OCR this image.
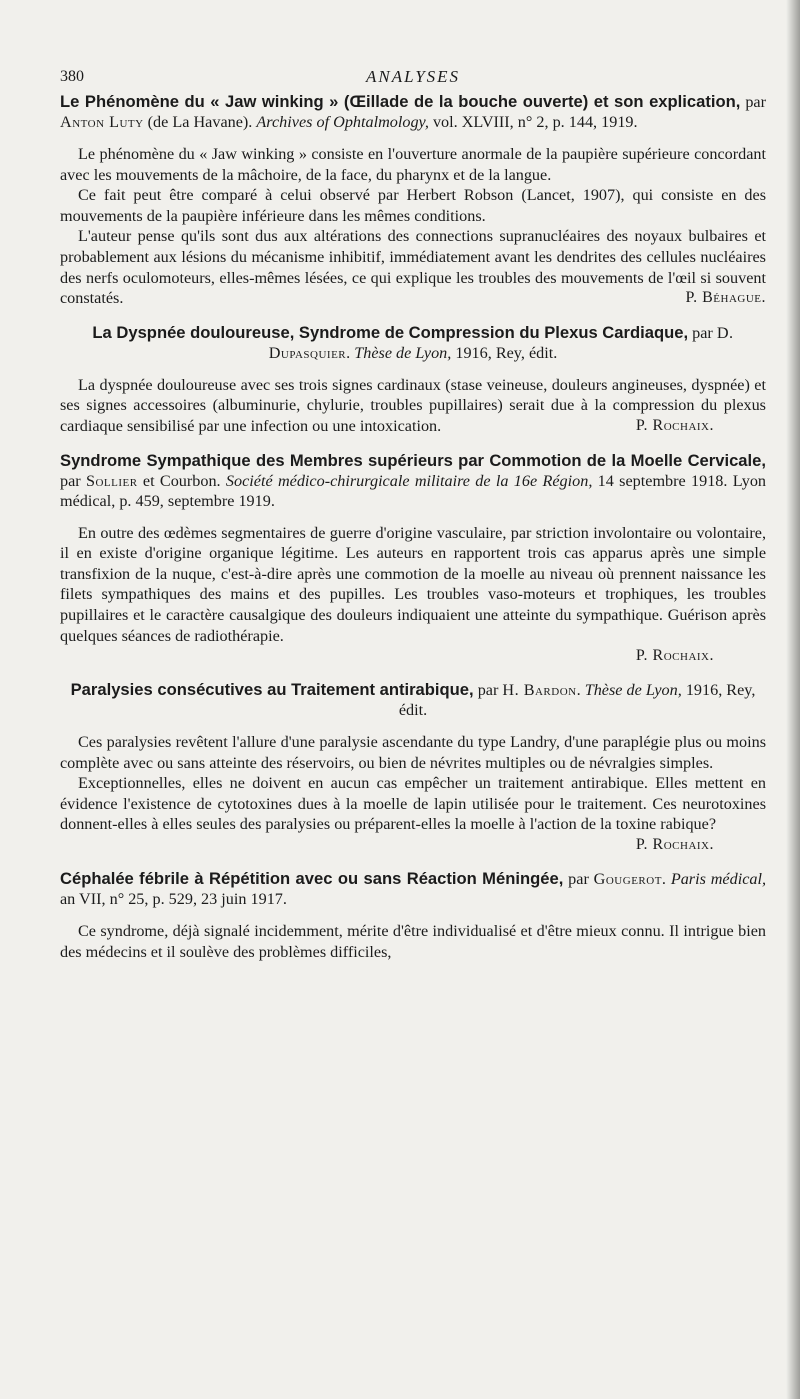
380	ANALYSES
Le Phénomène du « Jaw winking » (Œillade de la bouche ouverte) et son explication, par Anton Luty (de La Havane). Archives of Ophtalmology, vol. XLVIII, n° 2, p. 144, 1919.

Le phénomène du « Jaw winking » consiste en l'ouverture anormale de la paupière supérieure concordant avec les mouvements de la mâchoire, de la face, du pharynx et de la langue.

Ce fait peut être comparé à celui observé par Herbert Robson (Lancet, 1907), qui consiste en des mouvements de la paupière inférieure dans les mêmes conditions.

L'auteur pense qu'ils sont dus aux altérations des connections supranucléaires des noyaux bulbaires et probablement aux lésions du mécanisme inhibitif, immédiatement avant les dendrites des cellules nucléaires des nerfs oculomoteurs, elles-mêmes lésées, ce qui explique les troubles des mouvements de l'œil si souvent constatés.	P. Béhague.

La Dyspnée douloureuse, Syndrome de Compression du Plexus Cardiaque, par D. Dupasquier. Thèse de Lyon, 1916, Rey, édit.

La dyspnée douloureuse avec ses trois signes cardinaux (stase veineuse, douleurs angineuses, dyspnée) et ses signes accessoires (albuminurie, chylurie, troubles pupillaires) serait due à la compression du plexus cardiaque sensibilisé par une infection ou une intoxication.	P. Rochaix.

Syndrome Sympathique des Membres supérieurs par Commotion de la Moelle Cervicale, par Sollier et Courbon. Société médico-chirurgicale militaire de la 16e Région, 14 septembre 1918. Lyon médical, p. 459, septembre 1919.

En outre des œdèmes segmentaires de guerre d'origine vasculaire, par striction involontaire ou volontaire, il en existe d'origine organique légitime. Les auteurs en rapportent trois cas apparus après une simple transfixion de la nuque, c'est-à-dire après une commotion de la moelle au niveau où prennent naissance les filets sympathiques des mains et des pupilles. Les troubles vaso-moteurs et trophiques, les troubles pupillaires et le caractère causalgique des douleurs indiquaient une atteinte du sympathique. Guérison après quelques séances de radiothérapie.

P. Rochaix.

Paralysies consécutives au Traitement antirabique, par H. Bardon. Thèse de Lyon, 1916, Rey, édit.

Ces paralysies revêtent l'allure d'une paralysie ascendante du type Landry, d'une paraplégie plus ou moins complète avec ou sans atteinte des réservoirs, ou bien de névrites multiples ou de névralgies simples.

Exceptionnelles, elles ne doivent en aucun cas empêcher un traitement antirabique. Elles mettent en évidence l'existence de cytotoxines dues à la moelle de lapin utilisée pour le traitement. Ces neurotoxines donnent-elles à elles seules des paralysies ou préparent-elles la moelle à l'action de la toxine rabique?

P. Rochaix.

Céphalée fébrile à Répétition avec ou sans Réaction Méningée, par Gougerot. Paris médical, an VII, n° 25, p. 529, 23 juin 1917.

Ce syndrome, déjà signalé incidemment, mérite d'être individualisé et d'être mieux connu. Il intrigue bien des médecins et il soulève des problèmes difficiles,
